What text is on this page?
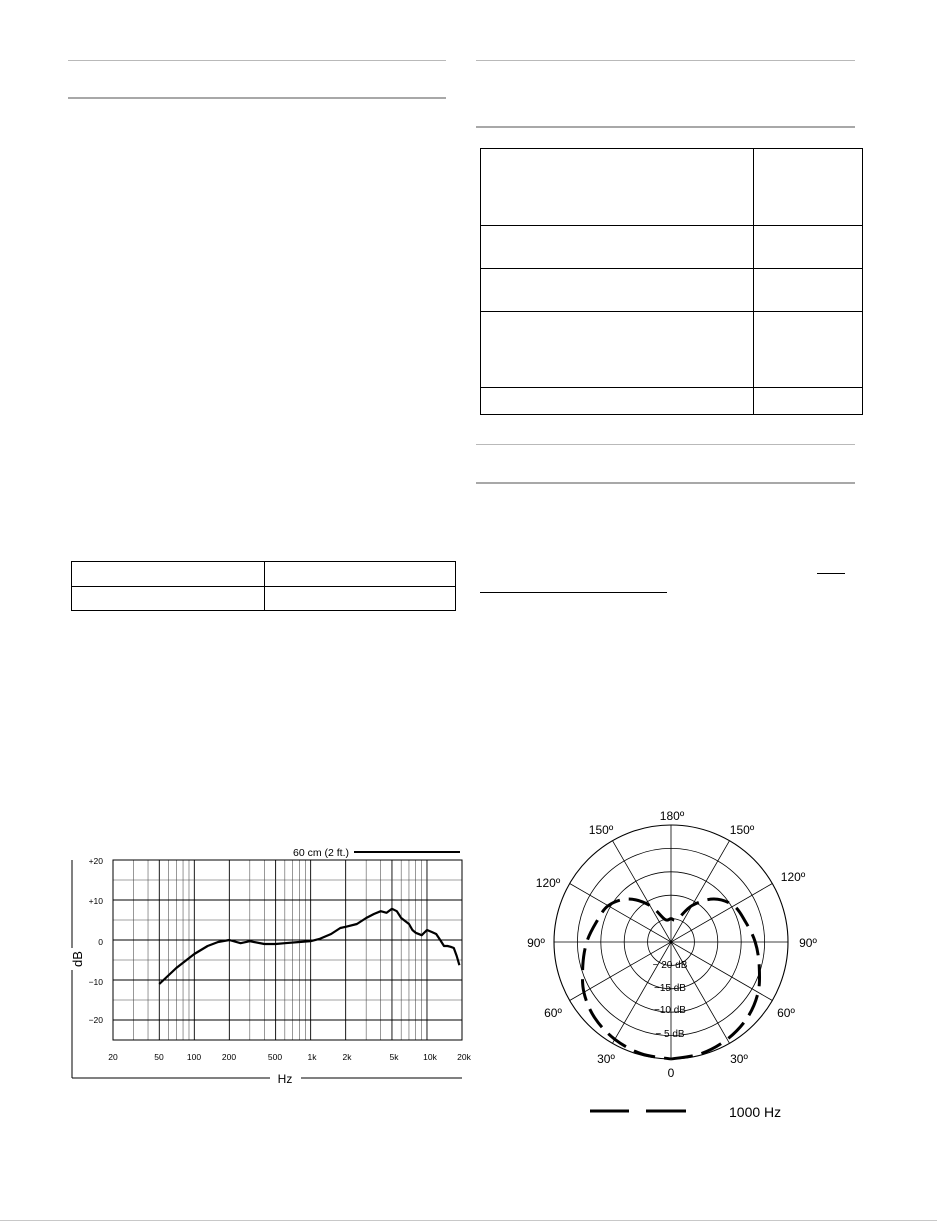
60 cm (2 ft.)
+20
+10
0
−10
−20
20	50	100 200	500	1k	2k	5k	10k 20k
dB
Hz
180º
150º	150º
120º	120º
90º	90º
60º	60º
30º	30º
0
− 20 dB
−15 dB
−10 dB
− 5 dB
1000 Hz
